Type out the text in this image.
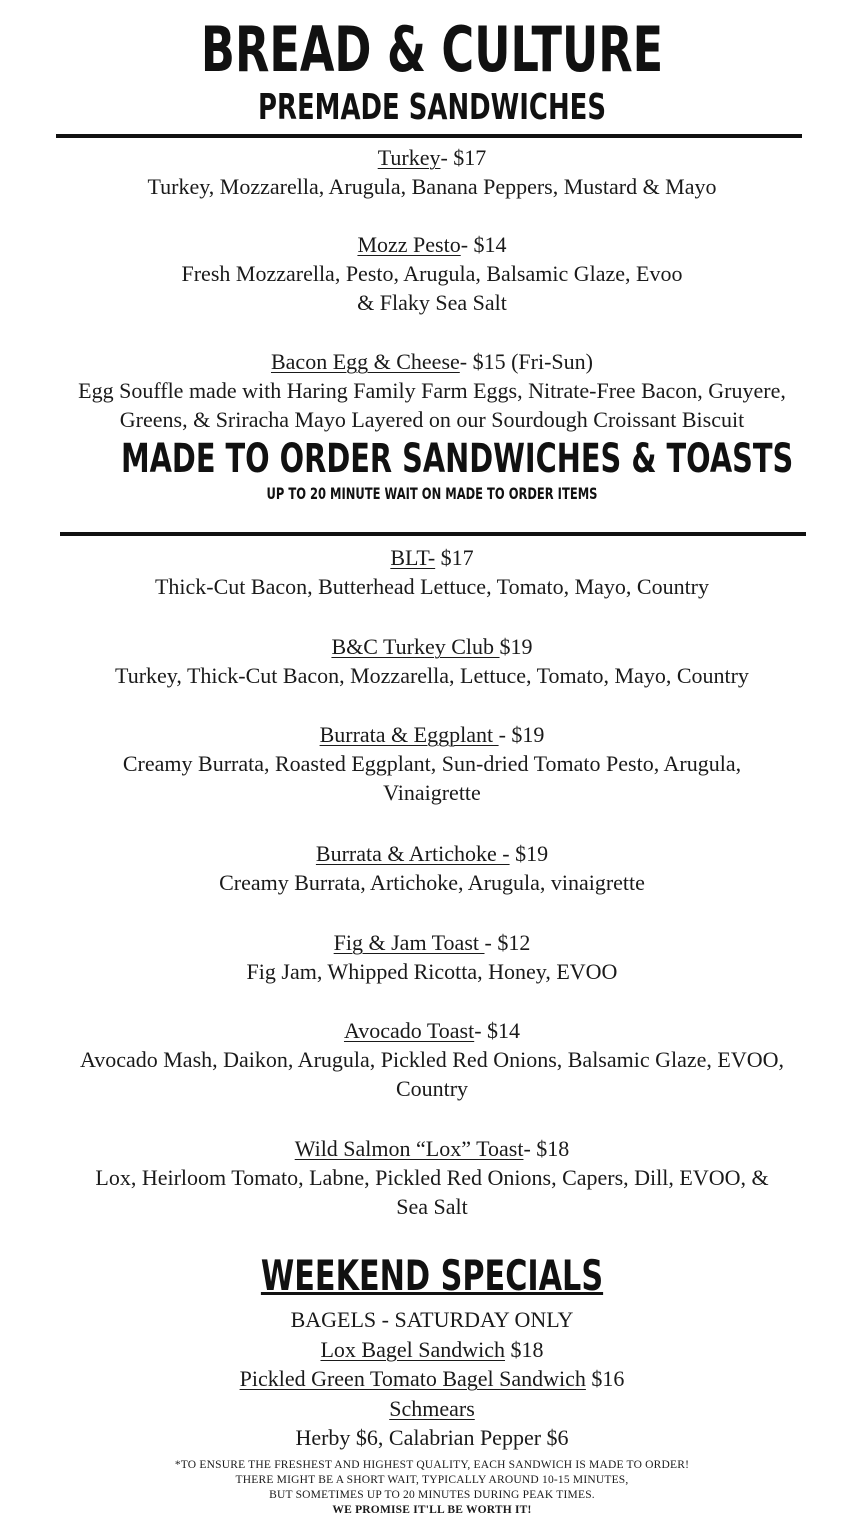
BREAD & CULTURE
PREMADE SANDWICHES
Turkey- $17
Turkey, Mozzarella, Arugula, Banana Peppers, Mustard & Mayo
Mozz Pesto- $14
Fresh Mozzarella, Pesto, Arugula, Balsamic Glaze, Evoo
& Flaky Sea Salt
Bacon Egg & Cheese- $15 (Fri-Sun)
Egg Souffle made with Haring Family Farm Eggs, Nitrate-Free Bacon, Gruyere,
Greens, & Sriracha Mayo Layered on our Sourdough Croissant Biscuit
MADE TO ORDER SANDWICHES & TOASTS
UP TO 20 MINUTE WAIT ON MADE TO ORDER ITEMS
BLT- $17
Thick-Cut Bacon, Butterhead Lettuce, Tomato, Mayo, Country
B&C Turkey Club $19
Turkey, Thick-Cut Bacon, Mozzarella, Lettuce, Tomato, Mayo, Country
Burrata & Eggplant - $19
Creamy Burrata, Roasted Eggplant, Sun-dried Tomato Pesto, Arugula,
Vinaigrette
Burrata & Artichoke - $19
Creamy Burrata, Artichoke, Arugula, vinaigrette
Fig & Jam Toast - $12
Fig Jam, Whipped Ricotta, Honey, EVOO
Avocado Toast- $14
Avocado Mash, Daikon, Arugula, Pickled Red Onions, Balsamic Glaze, EVOO,
Country
Wild Salmon “Lox” Toast- $18
Lox, Heirloom Tomato, Labne, Pickled Red Onions, Capers, Dill, EVOO, &
Sea Salt
WEEKEND SPECIALS
BAGELS - SATURDAY ONLY
Lox Bagel Sandwich $18
Pickled Green Tomato Bagel Sandwich $16
Schmears
Herby $6, Calabrian Pepper $6
*TO ENSURE THE FRESHEST AND HIGHEST QUALITY, EACH SANDWICH IS MADE TO ORDER!
THERE MIGHT BE A SHORT WAIT, TYPICALLY AROUND 10-15 MINUTES,
BUT SOMETIMES UP TO 20 MINUTES DURING PEAK TIMES.
WE PROMISE IT'LL BE WORTH IT!
